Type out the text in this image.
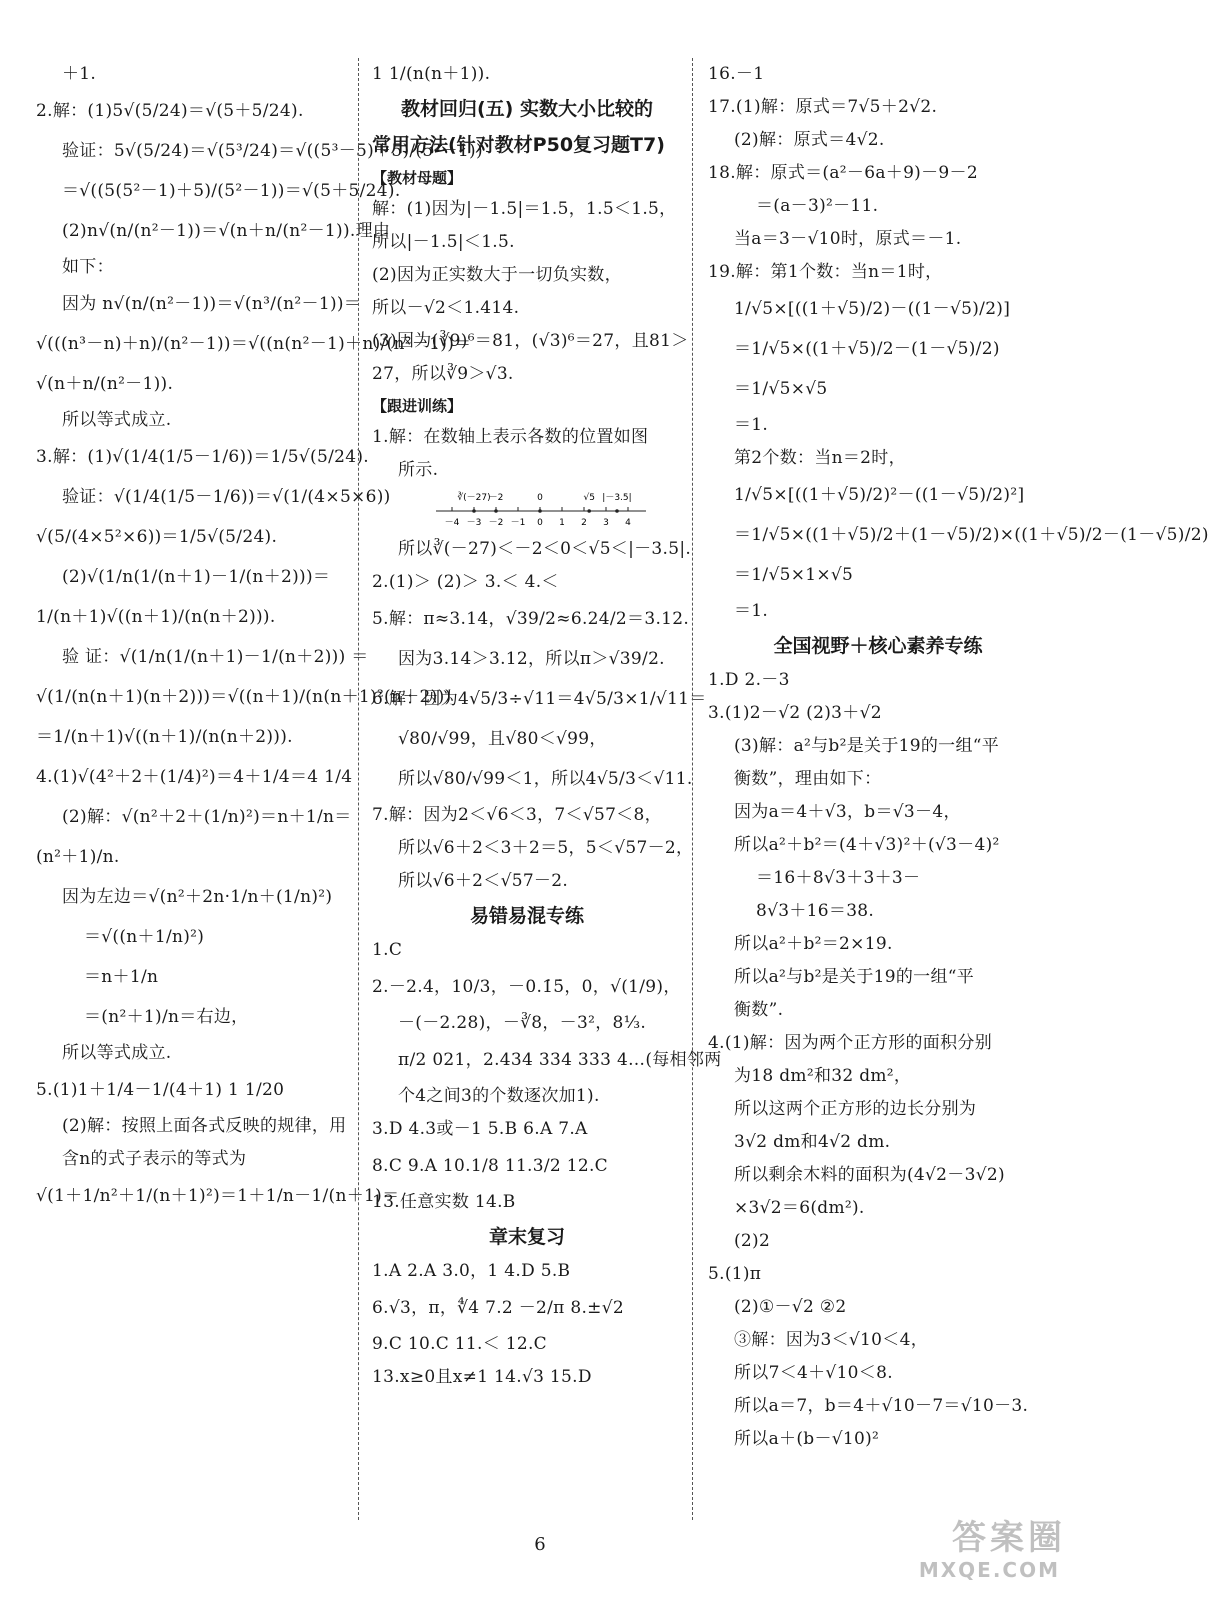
＋1.
2.解：(1)5√(5/24)＝√(5＋5/24).
验证：5√(5/24)＝√(5³/24)＝√((5³－5)＋5)/(5²－1))
＝√((5(5²－1)＋5)/(5²－1))＝√(5＋5/24).
(2)n√(n/(n²－1))＝√(n＋n/(n²－1)).理由
如下：
因为 n√(n/(n²－1))＝√(n³/(n²－1))＝
√(((n³－n)＋n)/(n²－1))＝√((n(n²－1)＋n)/(n²－1))＝
√(n＋n/(n²－1)).
所以等式成立.
3.解：(1)√(1/4(1/5－1/6))＝1/5√(5/24).
验证：√(1/4(1/5－1/6))＝√(1/(4×5×6))
√(5/(4×5²×6))＝1/5√(5/24).
(2)√(1/n(1/(n＋1)－1/(n＋2)))＝
1/(n＋1)√((n＋1)/(n(n＋2))).
验 证：√(1/n(1/(n＋1)－1/(n＋2))) ＝
√(1/(n(n＋1)(n＋2)))＝√((n＋1)/(n(n＋1)²(n＋2)))
＝1/(n＋1)√((n＋1)/(n(n＋2))).
4.(1)√(4²＋2＋(1/4)²)＝4＋1/4＝4 1/4
(2)解：√(n²＋2＋(1/n)²)＝n＋1/n＝
(n²＋1)/n.
因为左边＝√(n²＋2n·1/n＋(1/n)²)
＝√((n＋1/n)²)
＝n＋1/n
＝(n²＋1)/n＝右边，
所以等式成立.
5.(1)1＋1/4－1/(4＋1) 1 1/20
(2)解：按照上面各式反映的规律，用
含n的式子表示的等式为
√(1＋1/n²＋1/(n＋1)²)＝1＋1/n－1/(n＋1)＝
1 1/(n(n＋1)).
教材回归(五) 实数大小比较的
常用方法(针对教材P50复习题T7)
【教材母题】
解：(1)因为|－1.5|＝1.5，1.5＜1.5̇，
所以|－1.5|＜1.5̇.
(2)因为正实数大于一切负实数，
所以－√2＜1.414.
(3)因为(∛9)⁶＝81，(√3)⁶＝27，且81＞
27，所以∛9＞√3.
【跟进训练】
1.解：在数轴上表示各数的位置如图
所示.
－4 －3 －2 －1 0 1 2 3 4
∛(－27)
－2	0	√5 |－3.5|
所以∛(－27)＜－2＜0＜√5＜|－3.5|.
2.(1)＞ (2)＞ 3.＜ 4.＜
5.解：π≈3.14，√39/2≈6.24/2＝3.12.
因为3.14＞3.12，所以π＞√39/2.
6.解：因为4√5/3÷√11＝4√5/3×1/√11＝
√80/√99，且√80＜√99，
所以√80/√99＜1，所以4√5/3＜√11.
7.解：因为2＜√6＜3，7＜√57＜8，
所以√6＋2＜3＋2＝5，5＜√57－2，
所以√6＋2＜√57－2.
易错易混专练
1.C
2.－2.4，10/3，－0.1̇5̇，0，√(1/9)，
－(－2.28)，－∛8，－3²，8⅓.
π/2 021，2.434 334 333 4…(每相邻两
个4之间3的个数逐次加1).
3.D 4.3或－1 5.B 6.A 7.A
8.C 9.A 10.1/8 11.3/2 12.C
13.任意实数 14.B
章末复习
1.A 2.A 3.0，1 4.D 5.B
6.√3，π，∜4 7.2 －2/π 8.±√2
9.C 10.C 11.＜ 12.C
13.x≥0且x≠1 14.√3 15.D
16.－1
17.(1)解：原式＝7√5＋2√2.
(2)解：原式＝4√2.
18.解：原式＝(a²－6a＋9)－9－2
＝(a－3)²－11.
当a＝3－√10时，原式＝－1.
19.解：第1个数：当n＝1时，
1/√5×[((1＋√5)/2)－((1－√5)/2)]
＝1/√5×((1＋√5)/2－(1－√5)/2)
＝1/√5×√5
＝1.
第2个数：当n＝2时，
1/√5×[((1＋√5)/2)²－((1－√5)/2)²]
＝1/√5×((1＋√5)/2＋(1－√5)/2)×((1＋√5)/2－(1－√5)/2)
＝1/√5×1×√5
＝1.
全国视野＋核心素养专练
1.D 2.－3
3.(1)2－√2 (2)3＋√2
(3)解：a²与b²是关于19的一组“平
衡数”，理由如下：
因为a＝4＋√3，b＝√3－4，
所以a²＋b²＝(4＋√3)²＋(√3－4)²
＝16＋8√3＋3＋3－
8√3＋16＝38.
所以a²＋b²＝2×19.
所以a²与b²是关于19的一组“平
衡数”.
4.(1)解：因为两个正方形的面积分别
为18 dm²和32 dm²，
所以这两个正方形的边长分别为
3√2 dm和4√2 dm.
所以剩余木料的面积为(4√2－3√2)
×3√2＝6(dm²).
(2)2
5.(1)π
(2)①－√2 ②2
③解：因为3＜√10＜4，
所以7＜4＋√10＜8.
所以a＝7，b＝4＋√10－7＝√10－3.
所以a＋(b－√10)²
6	答案圈
MXQE.COM
